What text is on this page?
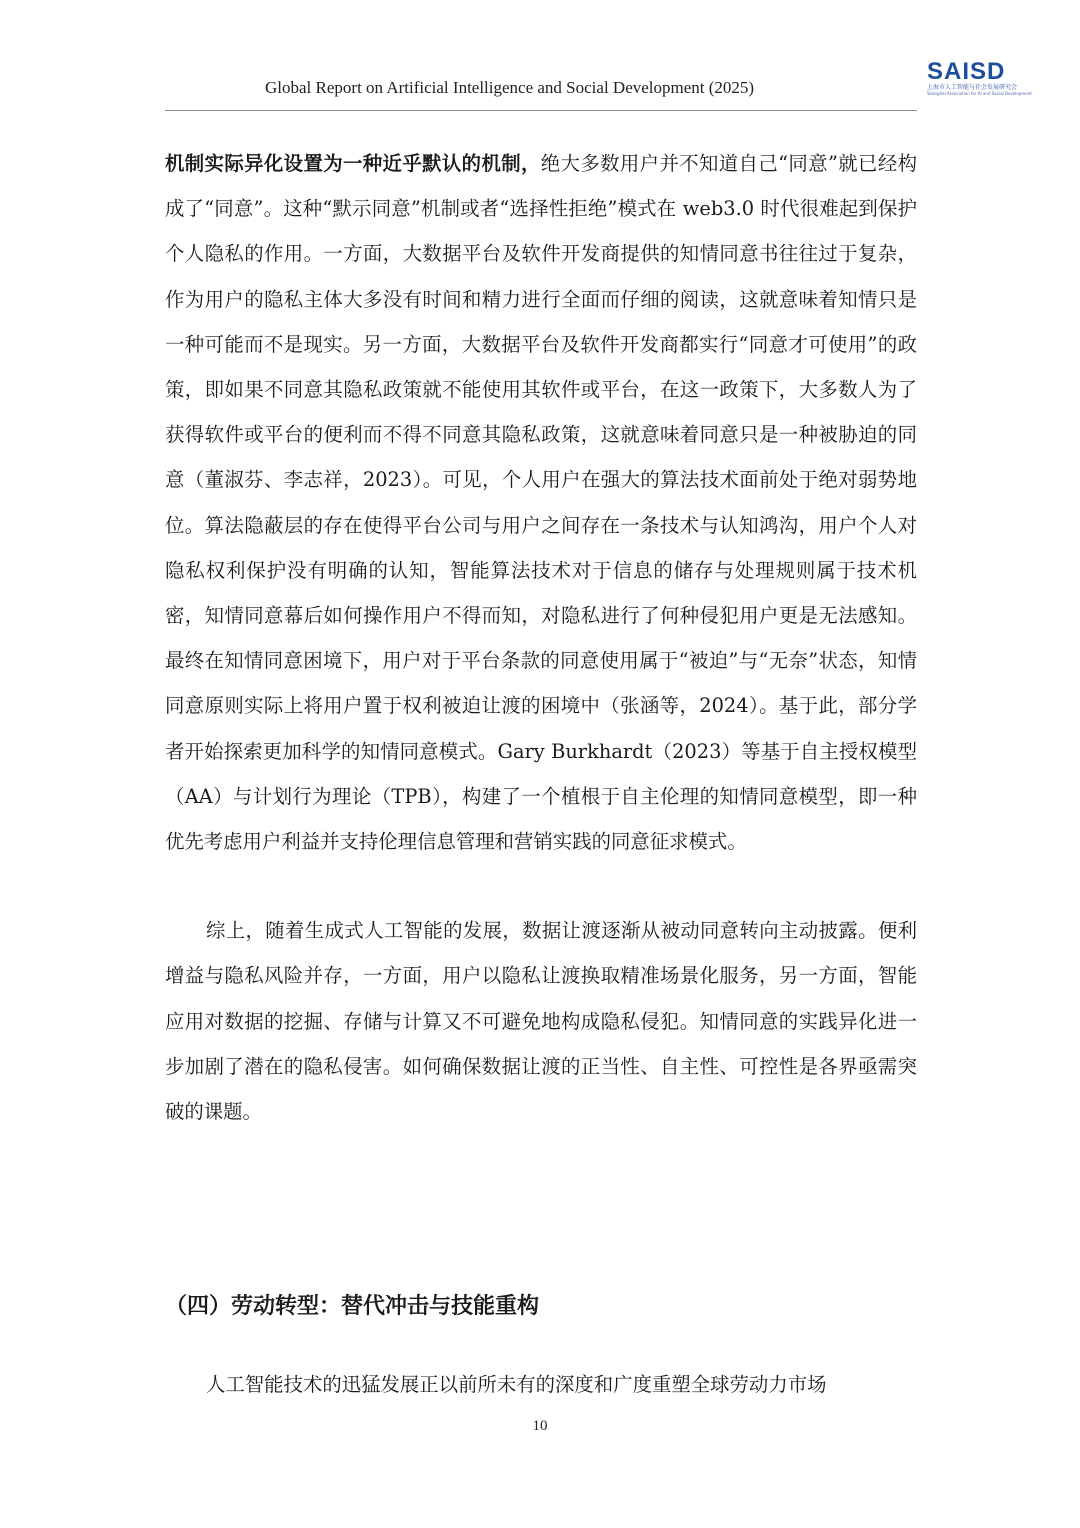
Global Report on Artificial Intelligence and Social Development (2025)
SAISD
上海市人工智能与社会发展研究会
Shanghai Association for AI and Social Development

机制实际异化设置为一种近乎默认的机制，绝大多数用户并不知道自己“同意”就已经构成了“同意”。这种“默示同意”机制或者“选择性拒绝”模式在 web3.0 时代很难起到保护个人隐私的作用。一方面，大数据平台及软件开发商提供的知情同意书往往过于复杂，作为用户的隐私主体大多没有时间和精力进行全面而仔细的阅读，这就意味着知情只是一种可能而不是现实。另一方面，大数据平台及软件开发商都实行“同意才可使用”的政策，即如果不同意其隐私政策就不能使用其软件或平台，在这一政策下，大多数人为了获得软件或平台的便利而不得不同意其隐私政策，这就意味着同意只是一种被胁迫的同意（董淑芬、李志祥，2023）。可见，个人用户在强大的算法技术面前处于绝对弱势地位。算法隐蔽层的存在使得平台公司与用户之间存在一条技术与认知鸿沟，用户个人对隐私权利保护没有明确的认知，智能算法技术对于信息的储存与处理规则属于技术机密，知情同意幕后如何操作用户不得而知，对隐私进行了何种侵犯用户更是无法感知。最终在知情同意困境下，用户对于平台条款的同意使用属于“被迫”与“无奈”状态，知情同意原则实际上将用户置于权利被迫让渡的困境中（张涵等，2024）。基于此，部分学者开始探索更加科学的知情同意模式。Gary Burkhardt（2023）等基于自主授权模型（AA）与计划行为理论（TPB），构建了一个植根于自主伦理的知情同意模型，即一种优先考虑用户利益并支持伦理信息管理和营销实践的同意征求模式。

综上，随着生成式人工智能的发展，数据让渡逐渐从被动同意转向主动披露。便利增益与隐私风险并存，一方面，用户以隐私让渡换取精准场景化服务，另一方面，智能应用对数据的挖掘、存储与计算又不可避免地构成隐私侵犯。知情同意的实践异化进一步加剧了潜在的隐私侵害。如何确保数据让渡的正当性、自主性、可控性是各界亟需突破的课题。

（四）劳动转型：替代冲击与技能重构

人工智能技术的迅猛发展正以前所未有的深度和广度重塑全球劳动力市场

10
